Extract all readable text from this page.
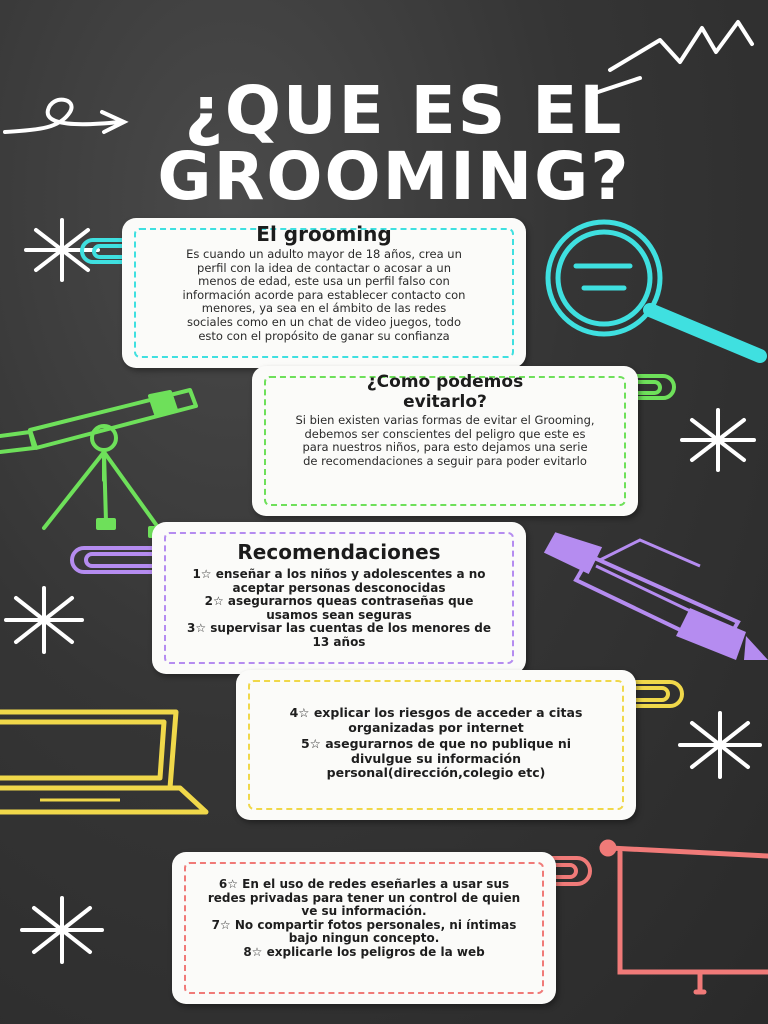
¿QUE ES EL
GROOMING?
El grooming
Es cuando un adulto mayor de 18 años, crea un perfil con la idea de contactar o acosar a un menos de edad, este usa un perfil falso con información acorde para establecer contacto con menores, ya sea en el ámbito de las redes sociales como en un chat de video juegos, todo esto con el propósito de ganar su confianza
¿Como podemos evitarlo?
Si bien existen varias formas de evitar el Grooming, debemos ser conscientes del peligro que este es para nuestros niños, para esto dejamos una serie de recomendaciones a seguir para poder evitarlo
Recomendaciones
1☆ enseñar a los niños y adolescentes a no aceptar personas desconocidas
2☆ asegurarnos queas contraseñas que usamos sean seguras
3☆ supervisar las cuentas de los menores de 13 años
4☆ explicar los riesgos de acceder a citas organizadas por internet
5☆ asegurarnos de que no publique ni divulgue su información personal(dirección,colegio etc)
6☆ En el uso de redes eseñarles a usar sus redes privadas para tener un control de quien ve su información.
7☆ No compartir fotos personales, ni íntimas bajo ningun concepto.
8☆ explicarle los peligros de la web
